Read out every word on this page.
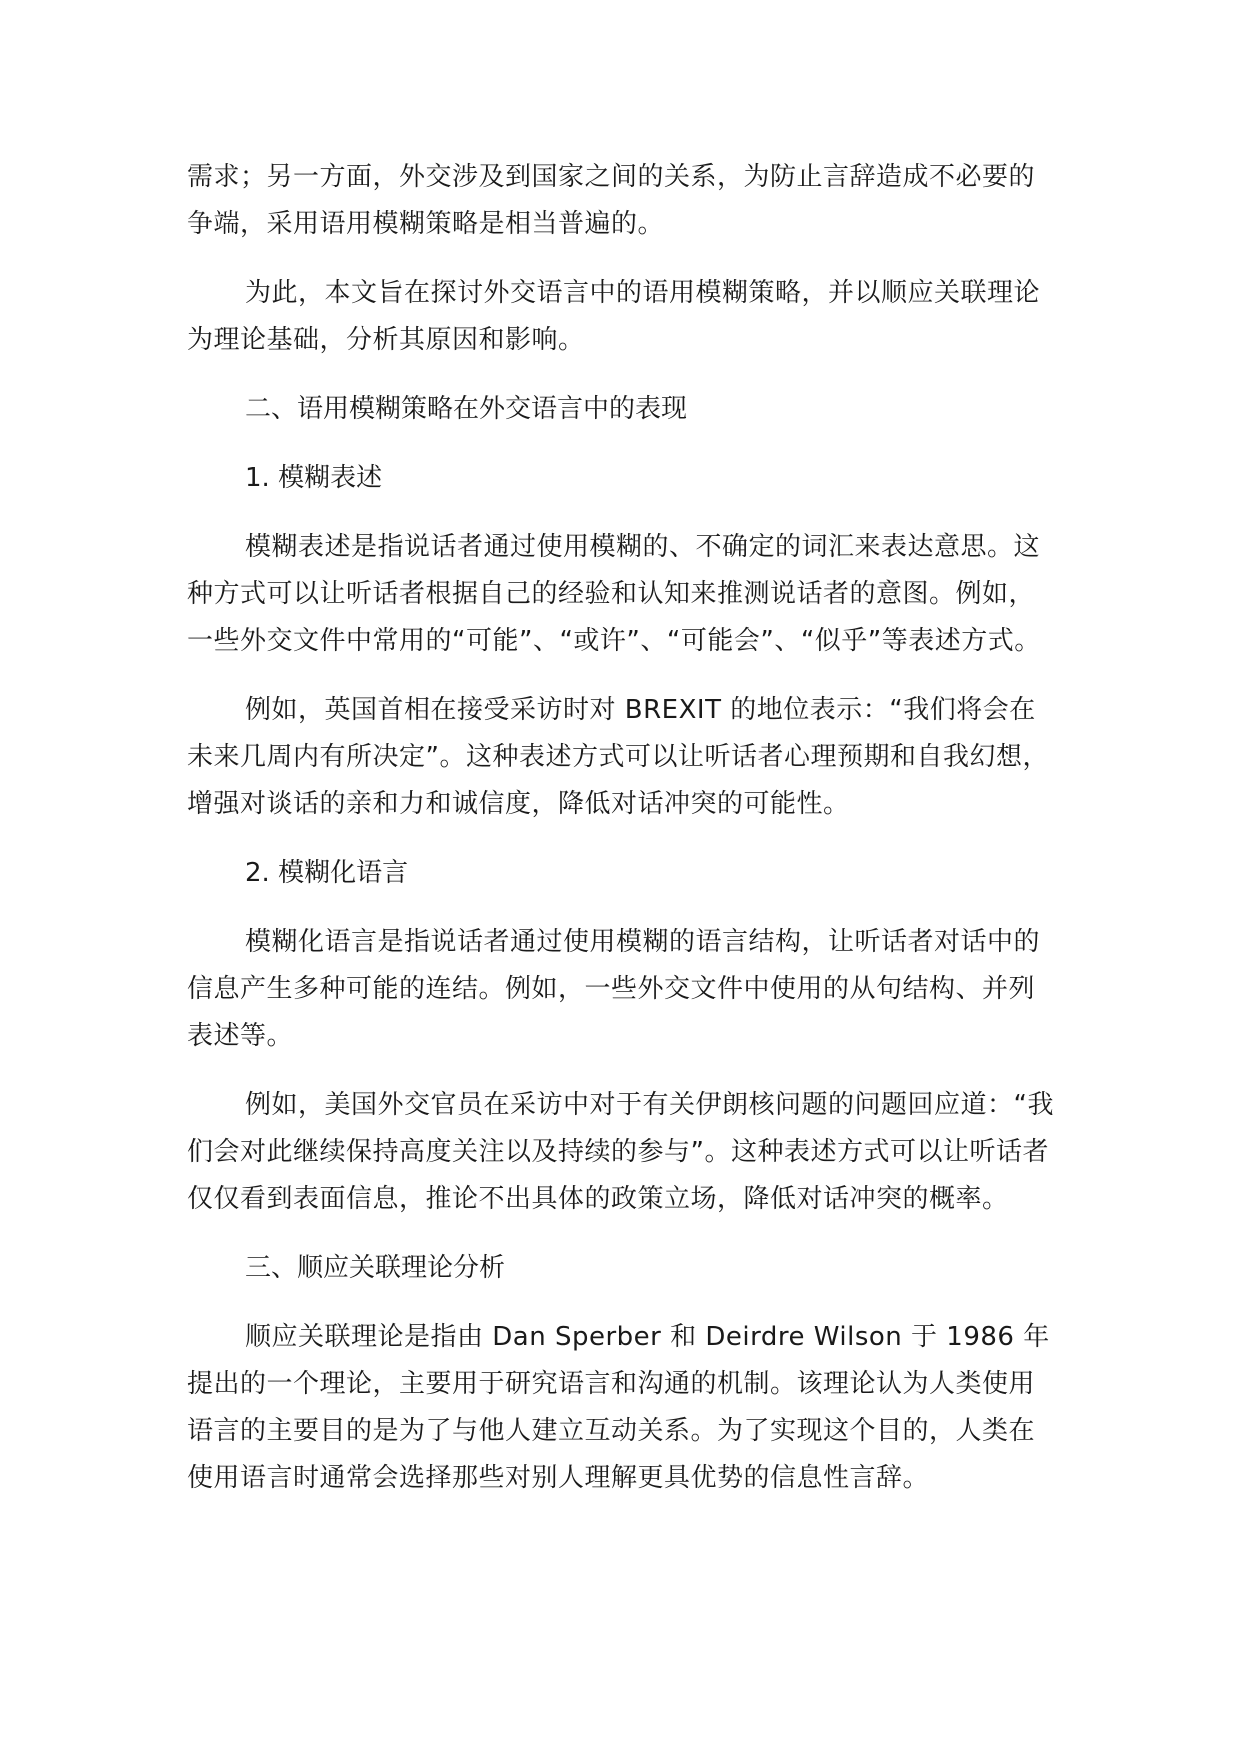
需求；另一方面，外交涉及到国家之间的关系，为防止言辞造成不必要的争端，采用语用模糊策略是相当普遍的。

为此，本文旨在探讨外交语言中的语用模糊策略，并以顺应关联理论为理论基础，分析其原因和影响。

二、语用模糊策略在外交语言中的表现

1. 模糊表述

模糊表述是指说话者通过使用模糊的、不确定的词汇来表达意思。这种方式可以让听话者根据自己的经验和认知来推测说话者的意图。例如，一些外交文件中常用的“可能”、“或许”、“可能会”、“似乎”等表述方式。

例如，英国首相在接受采访时对 BREXIT 的地位表示：“我们将会在未来几周内有所决定”。这种表述方式可以让听话者心理预期和自我幻想，增强对谈话的亲和力和诚信度，降低对话冲突的可能性。

2. 模糊化语言

模糊化语言是指说话者通过使用模糊的语言结构，让听话者对话中的信息产生多种可能的连结。例如，一些外交文件中使用的从句结构、并列表述等。

例如，美国外交官员在采访中对于有关伊朗核问题的问题回应道：“我们会对此继续保持高度关注以及持续的参与”。这种表述方式可以让听话者仅仅看到表面信息，推论不出具体的政策立场，降低对话冲突的概率。

三、顺应关联理论分析

顺应关联理论是指由 Dan Sperber 和 Deirdre Wilson 于 1986 年提出的一个理论，主要用于研究语言和沟通的机制。该理论认为人类使用语言的主要目的是为了与他人建立互动关系。为了实现这个目的，人类在使用语言时通常会选择那些对别人理解更具优势的信息性言辞。
